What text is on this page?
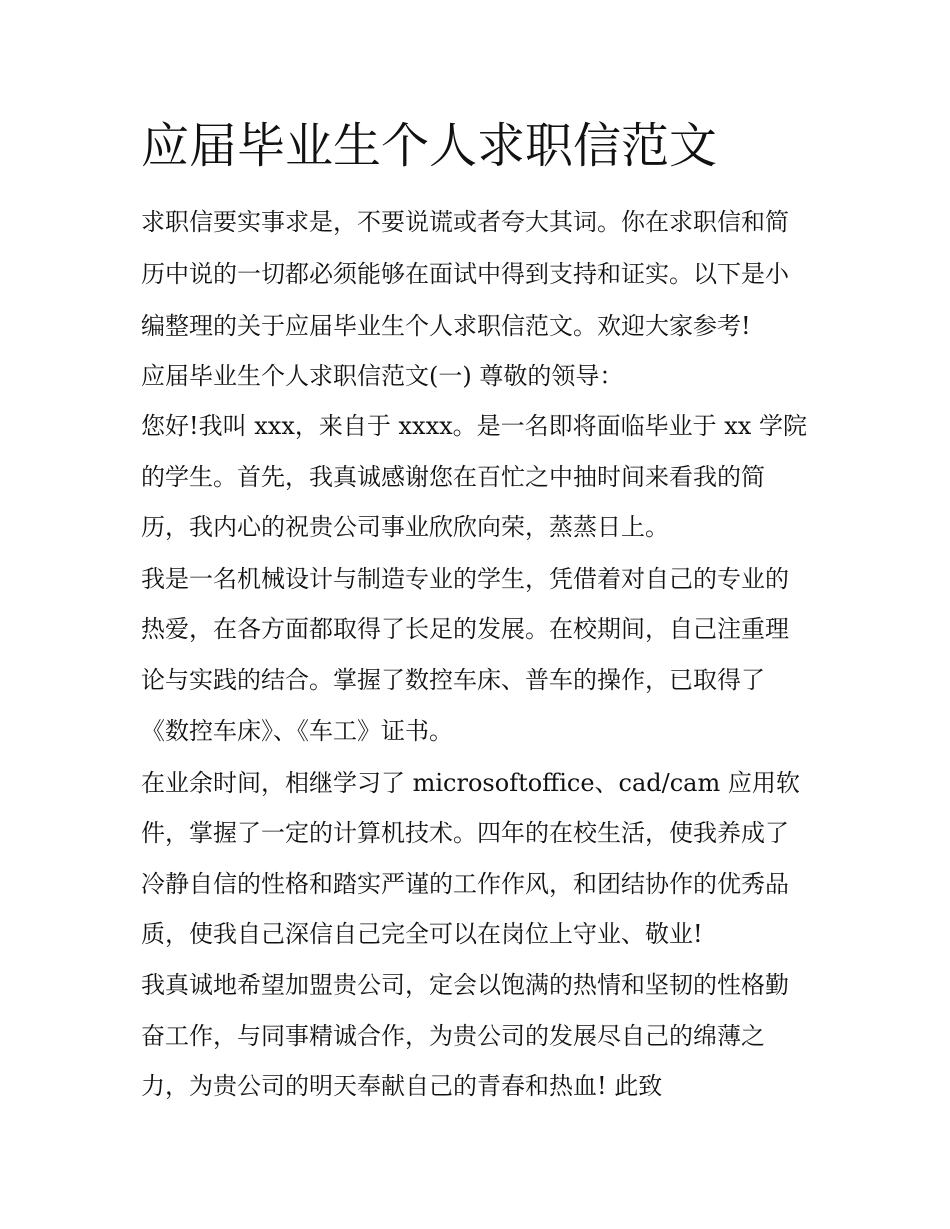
应届毕业生个人求职信范文

求职信要实事求是，不要说谎或者夸大其词。你在求职信和简

历中说的一切都必须能够在面试中得到支持和证实。以下是小

编整理的关于应届毕业生个人求职信范文。欢迎大家参考!

应届毕业生个人求职信范文(一) 尊敬的领导：

您好!我叫 xxx，来自于 xxxx。是一名即将面临毕业于 xx 学院

的学生。首先，我真诚感谢您在百忙之中抽时间来看我的简

历，我内心的祝贵公司事业欣欣向荣，蒸蒸日上。

我是一名机械设计与制造专业的学生，凭借着对自己的专业的

热爱，在各方面都取得了长足的发展。在校期间，自己注重理

论与实践的结合。掌握了数控车床、普车的操作，已取得了

《数控车床》、《车工》证书。

在业余时间，相继学习了 microsoftoffice、cad/cam 应用软

件，掌握了一定的计算机技术。四年的在校生活，使我养成了

冷静自信的性格和踏实严谨的工作作风，和团结协作的优秀品

质，使我自己深信自己完全可以在岗位上守业、敬业!

我真诚地希望加盟贵公司，定会以饱满的热情和坚韧的性格勤

奋工作，与同事精诚合作，为贵公司的发展尽自己的绵薄之

力，为贵公司的明天奉献自己的青春和热血! 此致
